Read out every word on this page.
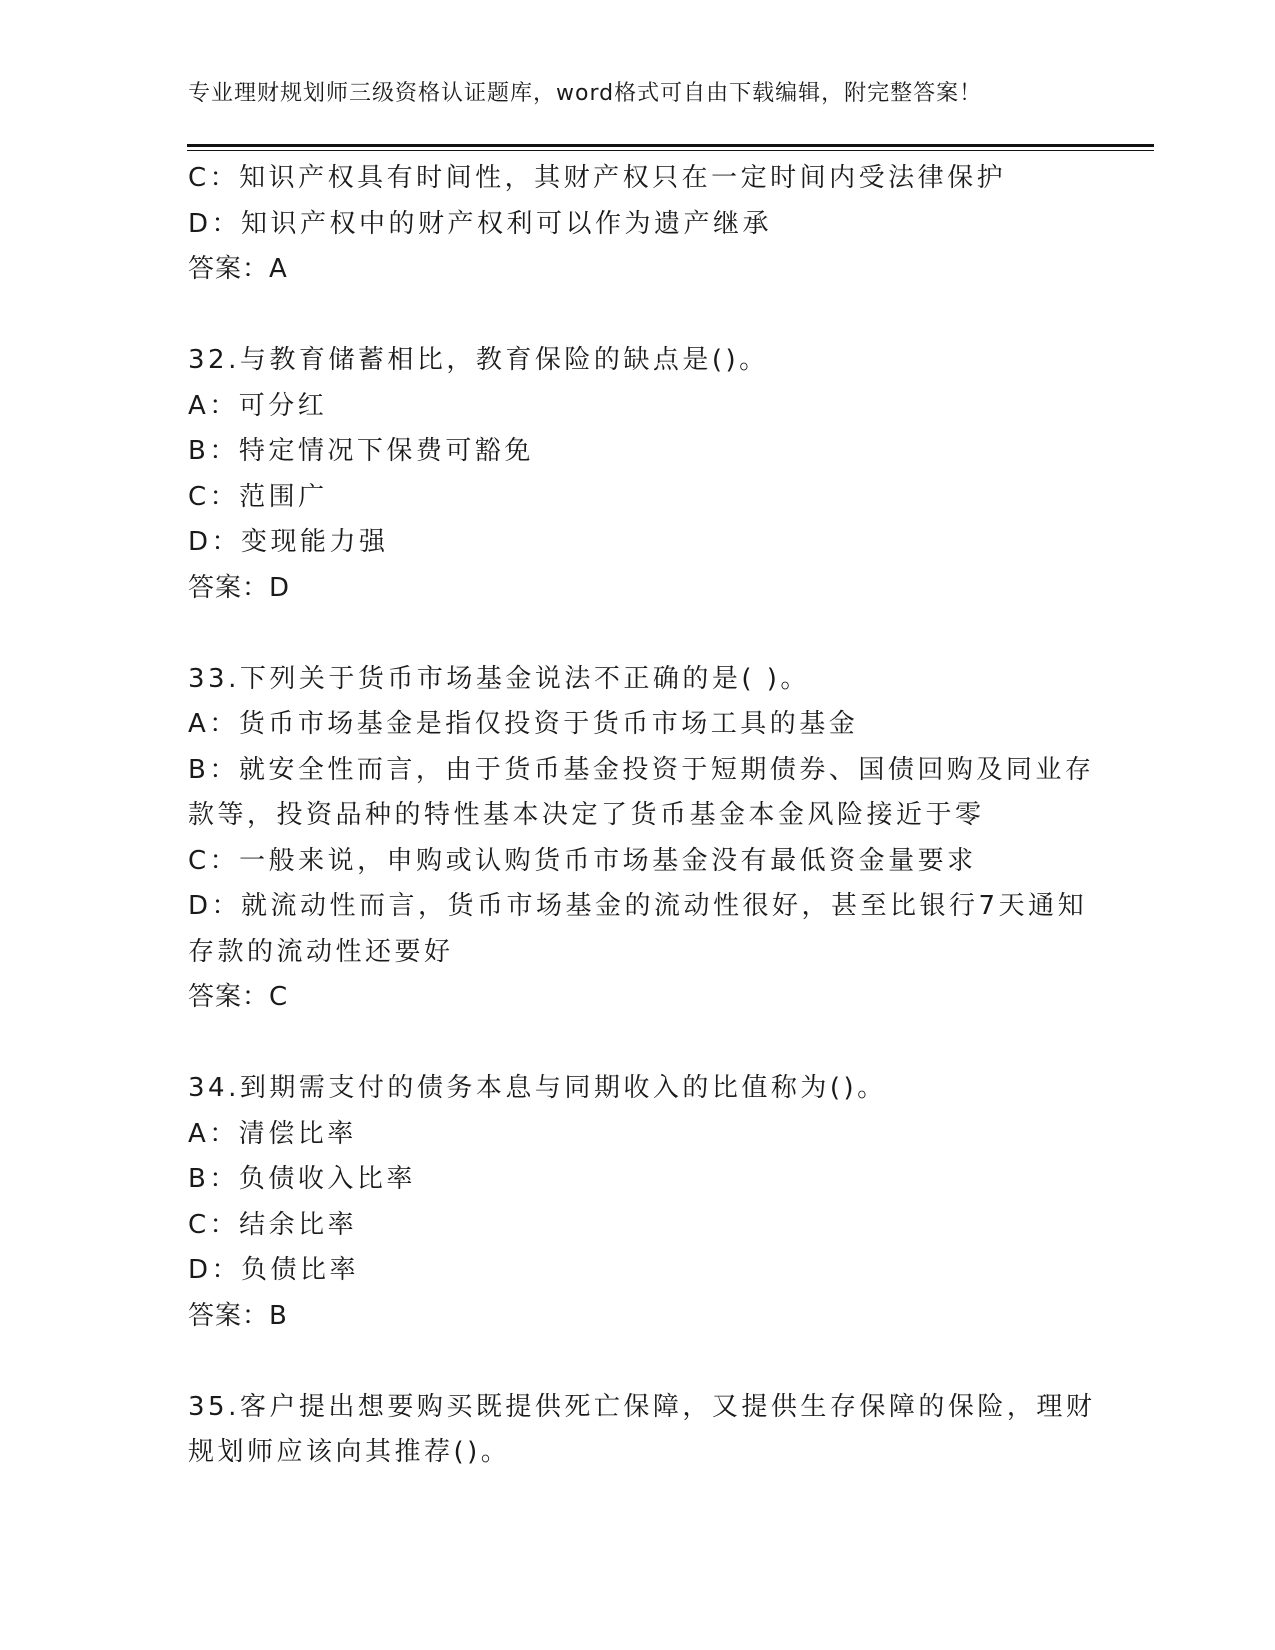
专业理财规划师三级资格认证题库，word格式可自由下载编辑，附完整答案！
C：知识产权具有时间性，其财产权只在一定时间内受法律保护
D：知识产权中的财产权利可以作为遗产继承
答案：A
32.与教育储蓄相比，教育保险的缺点是()。
A：可分红
B：特定情况下保费可豁免
C：范围广
D：变现能力强
答案：D
33.下列关于货币市场基金说法不正确的是( )。
A：货币市场基金是指仅投资于货币市场工具的基金
B：就安全性而言，由于货币基金投资于短期债券、国债回购及同业存
款等，投资品种的特性基本决定了货币基金本金风险接近于零
C：一般来说，申购或认购货币市场基金没有最低资金量要求
D：就流动性而言，货币市场基金的流动性很好，甚至比银行7天通知
存款的流动性还要好
答案：C
34.到期需支付的债务本息与同期收入的比值称为()。
A：清偿比率
B：负债收入比率
C：结余比率
D：负债比率
答案：B
35.客户提出想要购买既提供死亡保障，又提供生存保障的保险，理财
规划师应该向其推荐()。
